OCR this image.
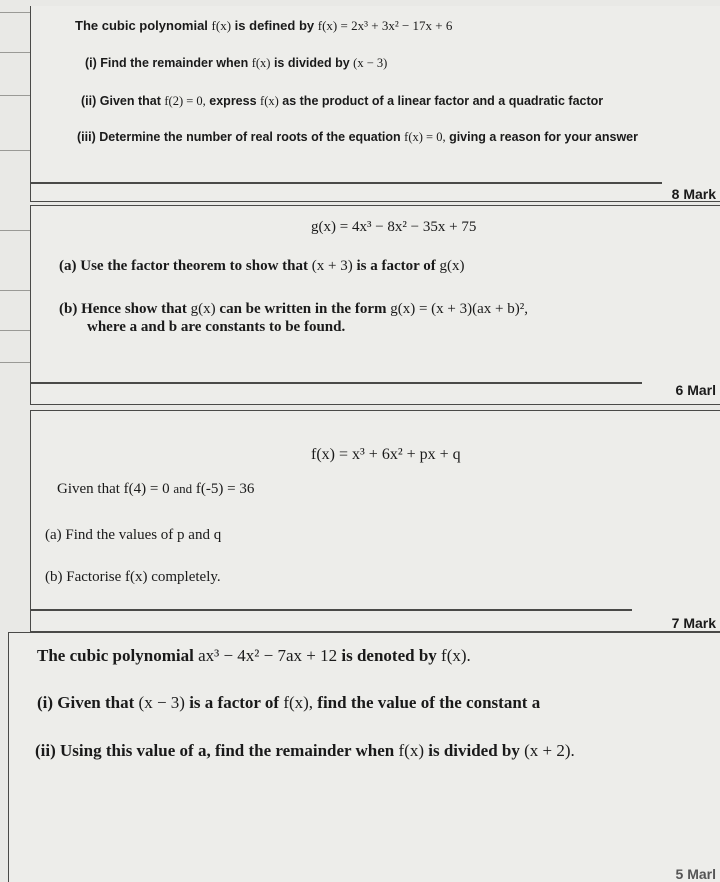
The cubic polynomial f(x) is defined by f(x) = 2x³ + 3x² − 17x + 6
(i) Find the remainder when f(x) is divided by (x − 3)
(ii) Given that f(2) = 0, express f(x) as the product of a linear factor and a quadratic factor
(iii) Determine the number of real roots of the equation f(x) = 0, giving a reason for your answer
8 Mark
g(x) = 4x³ − 8x² − 35x + 75
(a) Use the factor theorem to show that (x + 3) is a factor of g(x)
(b) Hence show that g(x) can be written in the form g(x) = (x + 3)(ax + b)²,
where a and b are constants to be found.
6 Marl
f(x) = x³ + 6x² + px + q
Given that f(4) = 0 and f(-5) = 36
(a) Find the values of p and q
(b) Factorise f(x) completely.
7 Mark
The cubic polynomial ax³ − 4x² − 7ax + 12 is denoted by f(x).
(i) Given that (x − 3) is a factor of f(x), find the value of the constant a
(ii) Using this value of a, find the remainder when f(x) is divided by (x + 2).
5 Marl
